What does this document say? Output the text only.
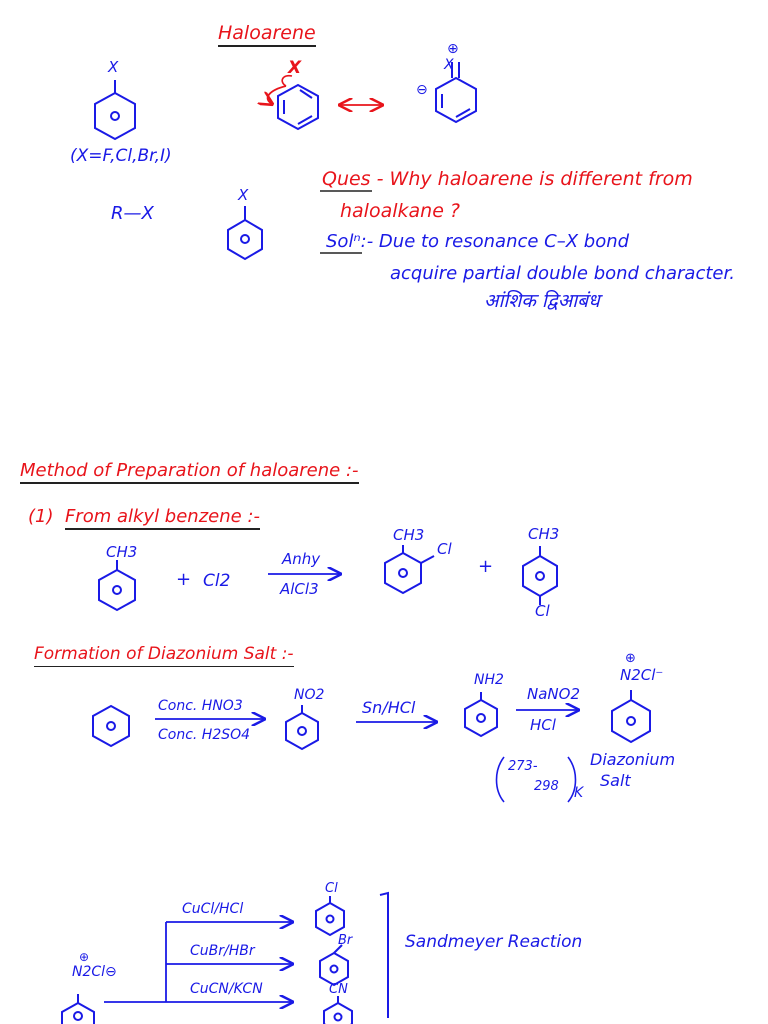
Haloarene
X
(X=F,Cl,Br,I)
X
⊕
X
⊖
R—X
X
Ques - Why haloarene is different from
haloalkane ?
Solⁿ:- Due to resonance C–X bond
acquire partial double bond character.
आंशिक द्विआबंध
Method of Preparation of haloarene :-
(1) From alkyl benzene :-
CH3
+ Cl2
Anhy
AlCl3
CH3
Cl
+
CH3
Cl
Formation of Diazonium Salt :-
Conc. HNO3
Conc. H2SO4
NO2
Sn/HCl
NH2
NaNO2
HCl
⊕
N2Cl⁻
273-
298 K
Diazonium
Salt
⊕
N2Cl⊖
CuCl/HCl
CuBr/HBr
CuCN/KCN
Cl
Br
CN
Sandmeyer Reaction
